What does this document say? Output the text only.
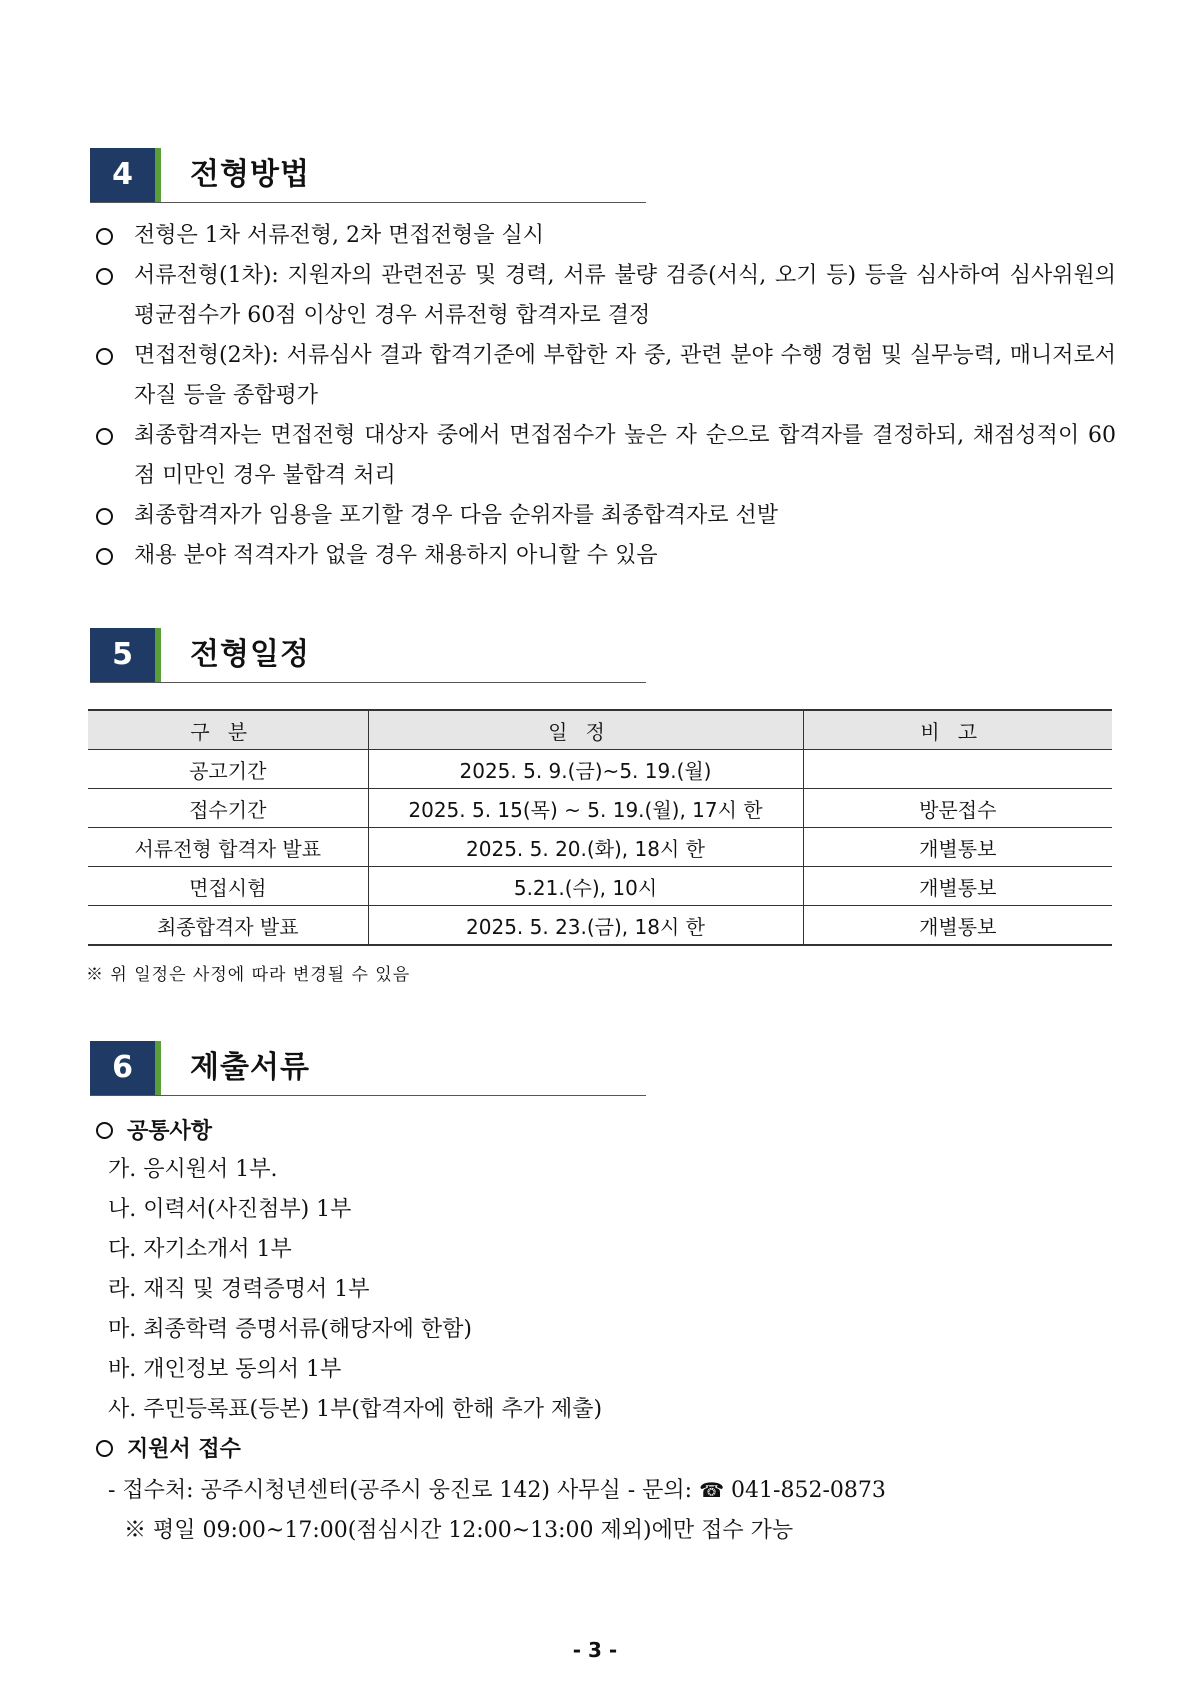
4	전형방법
전형은 1차 서류전형, 2차 면접전형을 실시
서류전형(1차): 지원자의 관련전공 및 경력, 서류 불량 검증(서식, 오기 등) 등을 심사하여 심사위원의 평균점수가 60점 이상인 경우 서류전형 합격자로 결정
면접전형(2차): 서류심사 결과 합격기준에 부합한 자 중, 관련 분야 수행 경험 및 실무능력, 매니저로서 자질 등을 종합평가
최종합격자는 면접전형 대상자 중에서 면접점수가 높은 자 순으로 합격자를 결정하되, 채점성적이 60점 미만인 경우 불합격 처리
최종합격자가 임용을 포기할 경우 다음 순위자를 최종합격자로 선발
채용 분야 적격자가 없을 경우 채용하지 아니할 수 있음
5	전형일정
구분	일정	비고
공고기간	2025. 5. 9.(금)~5. 19.(월)	
접수기간	2025. 5. 15(목) ~ 5. 19.(월), 17시 한	방문접수
서류전형 합격자 발표	2025. 5. 20.(화), 18시 한	개별통보
면접시험	5.21.(수), 10시	개별통보
최종합격자 발표	2025. 5. 23.(금), 18시 한	개별통보
※ 위 일정은 사정에 따라 변경될 수 있음
6	제출서류
공통사항
가. 응시원서 1부.
나. 이력서(사진첨부) 1부
다. 자기소개서 1부
라. 재직 및 경력증명서 1부
마. 최종학력 증명서류(해당자에 한함)
바. 개인정보 동의서 1부
사. 주민등록표(등본) 1부(합격자에 한해 추가 제출)
지원서 접수
- 접수처: 공주시청년센터(공주시 웅진로 142) 사무실 - 문의: ☎ 041-852-0873
※ 평일 09:00~17:00(점심시간 12:00~13:00 제외)에만 접수 가능
- 3 -
